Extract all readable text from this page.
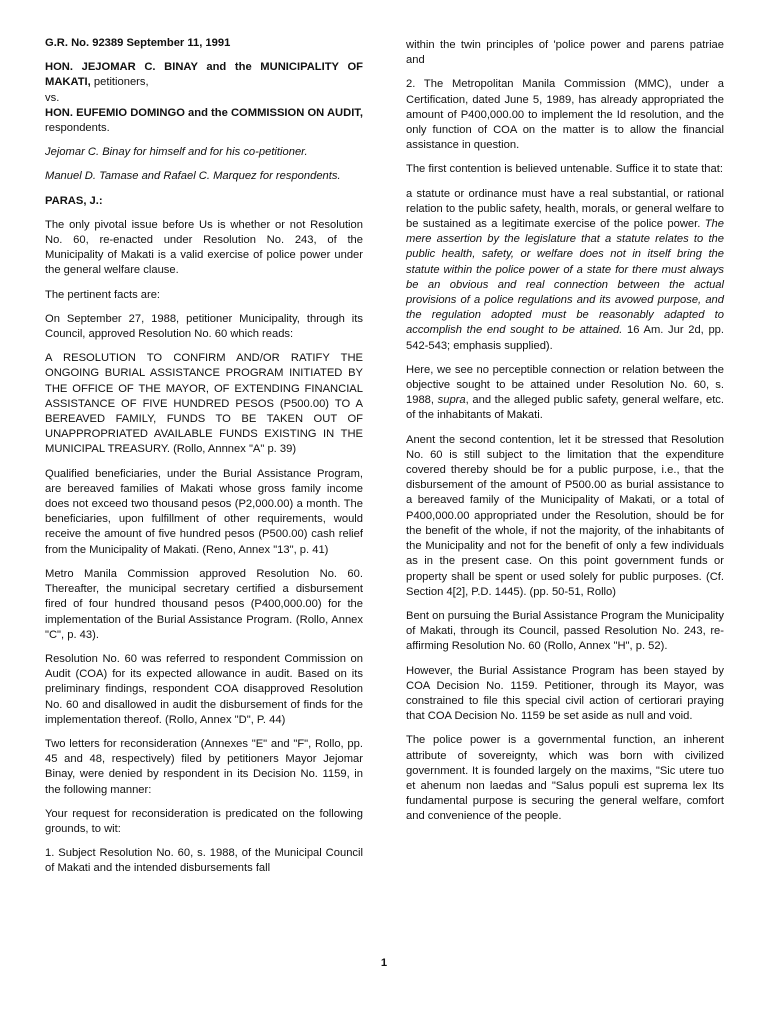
G.R. No. 92389 September 11, 1991

HON. JEJOMAR C. BINAY and the MUNICIPALITY OF MAKATI, petitioners,

vs.

HON. EUFEMIO DOMINGO and the COMMISSION ON AUDIT, respondents.

Jejomar C. Binay for himself and for his co-petitioner.

Manuel D. Tamase and Rafael C. Marquez for respondents.

PARAS, J.:

The only pivotal issue before Us is whether or not Resolution No. 60, re-enacted under Resolution No. 243, of the Municipality of Makati is a valid exercise of police power under the general welfare clause.

The pertinent facts are:

On September 27, 1988, petitioner Municipality, through its Council, approved Resolution No. 60 which reads:

A RESOLUTION TO CONFIRM AND/OR RATIFY THE ONGOING BURIAL ASSISTANCE PROGRAM INITIATED BY THE OFFICE OF THE MAYOR, OF EXTENDING FINANCIAL ASSISTANCE OF FIVE HUNDRED PESOS (P500.00) TO A BEREAVED FAMILY, FUNDS TO BE TAKEN OUT OF UNAPPROPRIATED AVAILABLE FUNDS EXISTING IN THE MUNICIPAL TREASURY. (Rollo, Annnex "A" p. 39)

Qualified beneficiaries, under the Burial Assistance Program, are bereaved families of Makati whose gross family income does not exceed two thousand pesos (P2,000.00) a month. The beneficiaries, upon fulfillment of other requirements, would receive the amount of five hundred pesos (P500.00) cash relief from the Municipality of Makati. (Reno, Annex "13", p. 41)

Metro Manila Commission approved Resolution No. 60. Thereafter, the municipal secretary certified a disbursement fired of four hundred thousand pesos (P400,000.00) for the implementation of the Burial Assistance Program. (Rollo, Annex "C", p. 43).

Resolution No. 60 was referred to respondent Commission on Audit (COA) for its expected allowance in audit. Based on its preliminary findings, respondent COA disapproved Resolution No. 60 and disallowed in audit the disbursement of finds for the implementation thereof. (Rollo, Annex "D", P. 44)

Two letters for reconsideration (Annexes "E" and "F", Rollo, pp. 45 and 48, respectively) filed by petitioners Mayor Jejomar Binay, were denied by respondent in its Decision No. 1159, in the following manner:

Your request for reconsideration is predicated on the following grounds, to wit:

1. Subject Resolution No. 60, s. 1988, of the Municipal Council of Makati and the intended disbursements fall

within the twin principles of 'police power and parens patriae and

2. The Metropolitan Manila Commission (MMC), under a Certification, dated June 5, 1989, has already appropriated the amount of P400,000.00 to implement the Id resolution, and the only function of COA on the matter is to allow the financial assistance in question.

The first contention is believed untenable. Suffice it to state that:

a statute or ordinance must have a real substantial, or rational relation to the public safety, health, morals, or general welfare to be sustained as a legitimate exercise of the police power. The mere assertion by the legislature that a statute relates to the public health, safety, or welfare does not in itself bring the statute within the police power of a state for there must always be an obvious and real connection between the actual provisions of a police regulations and its avowed purpose, and the regulation adopted must be reasonably adapted to accomplish the end sought to be attained. 16 Am. Jur 2d, pp. 542-543; emphasis supplied).

Here, we see no perceptible connection or relation between the objective sought to be attained under Resolution No. 60, s. 1988, supra, and the alleged public safety, general welfare, etc. of the inhabitants of Makati.

Anent the second contention, let it be stressed that Resolution No. 60 is still subject to the limitation that the expenditure covered thereby should be for a public purpose, i.e., that the disbursement of the amount of P500.00 as burial assistance to a bereaved family of the Municipality of Makati, or a total of P400,000.00 appropriated under the Resolution, should be for the benefit of the whole, if not the majority, of the inhabitants of the Municipality and not for the benefit of only a few individuals as in the present case. On this point government funds or property shall be spent or used solely for public purposes. (Cf. Section 4[2], P.D. 1445). (pp. 50-51, Rollo)

Bent on pursuing the Burial Assistance Program the Municipality of Makati, through its Council, passed Resolution No. 243, re-affirming Resolution No. 60 (Rollo, Annex "H", p. 52).

However, the Burial Assistance Program has been stayed by COA Decision No. 1159. Petitioner, through its Mayor, was constrained to file this special civil action of certiorari praying that COA Decision No. 1159 be set aside as null and void.

The police power is a governmental function, an inherent attribute of sovereignty, which was born with civilized government. It is founded largely on the maxims, "Sic utere tuo et ahenum non laedas and "Salus populi est suprema lex Its fundamental purpose is securing the general welfare, comfort and convenience of the people.

1
